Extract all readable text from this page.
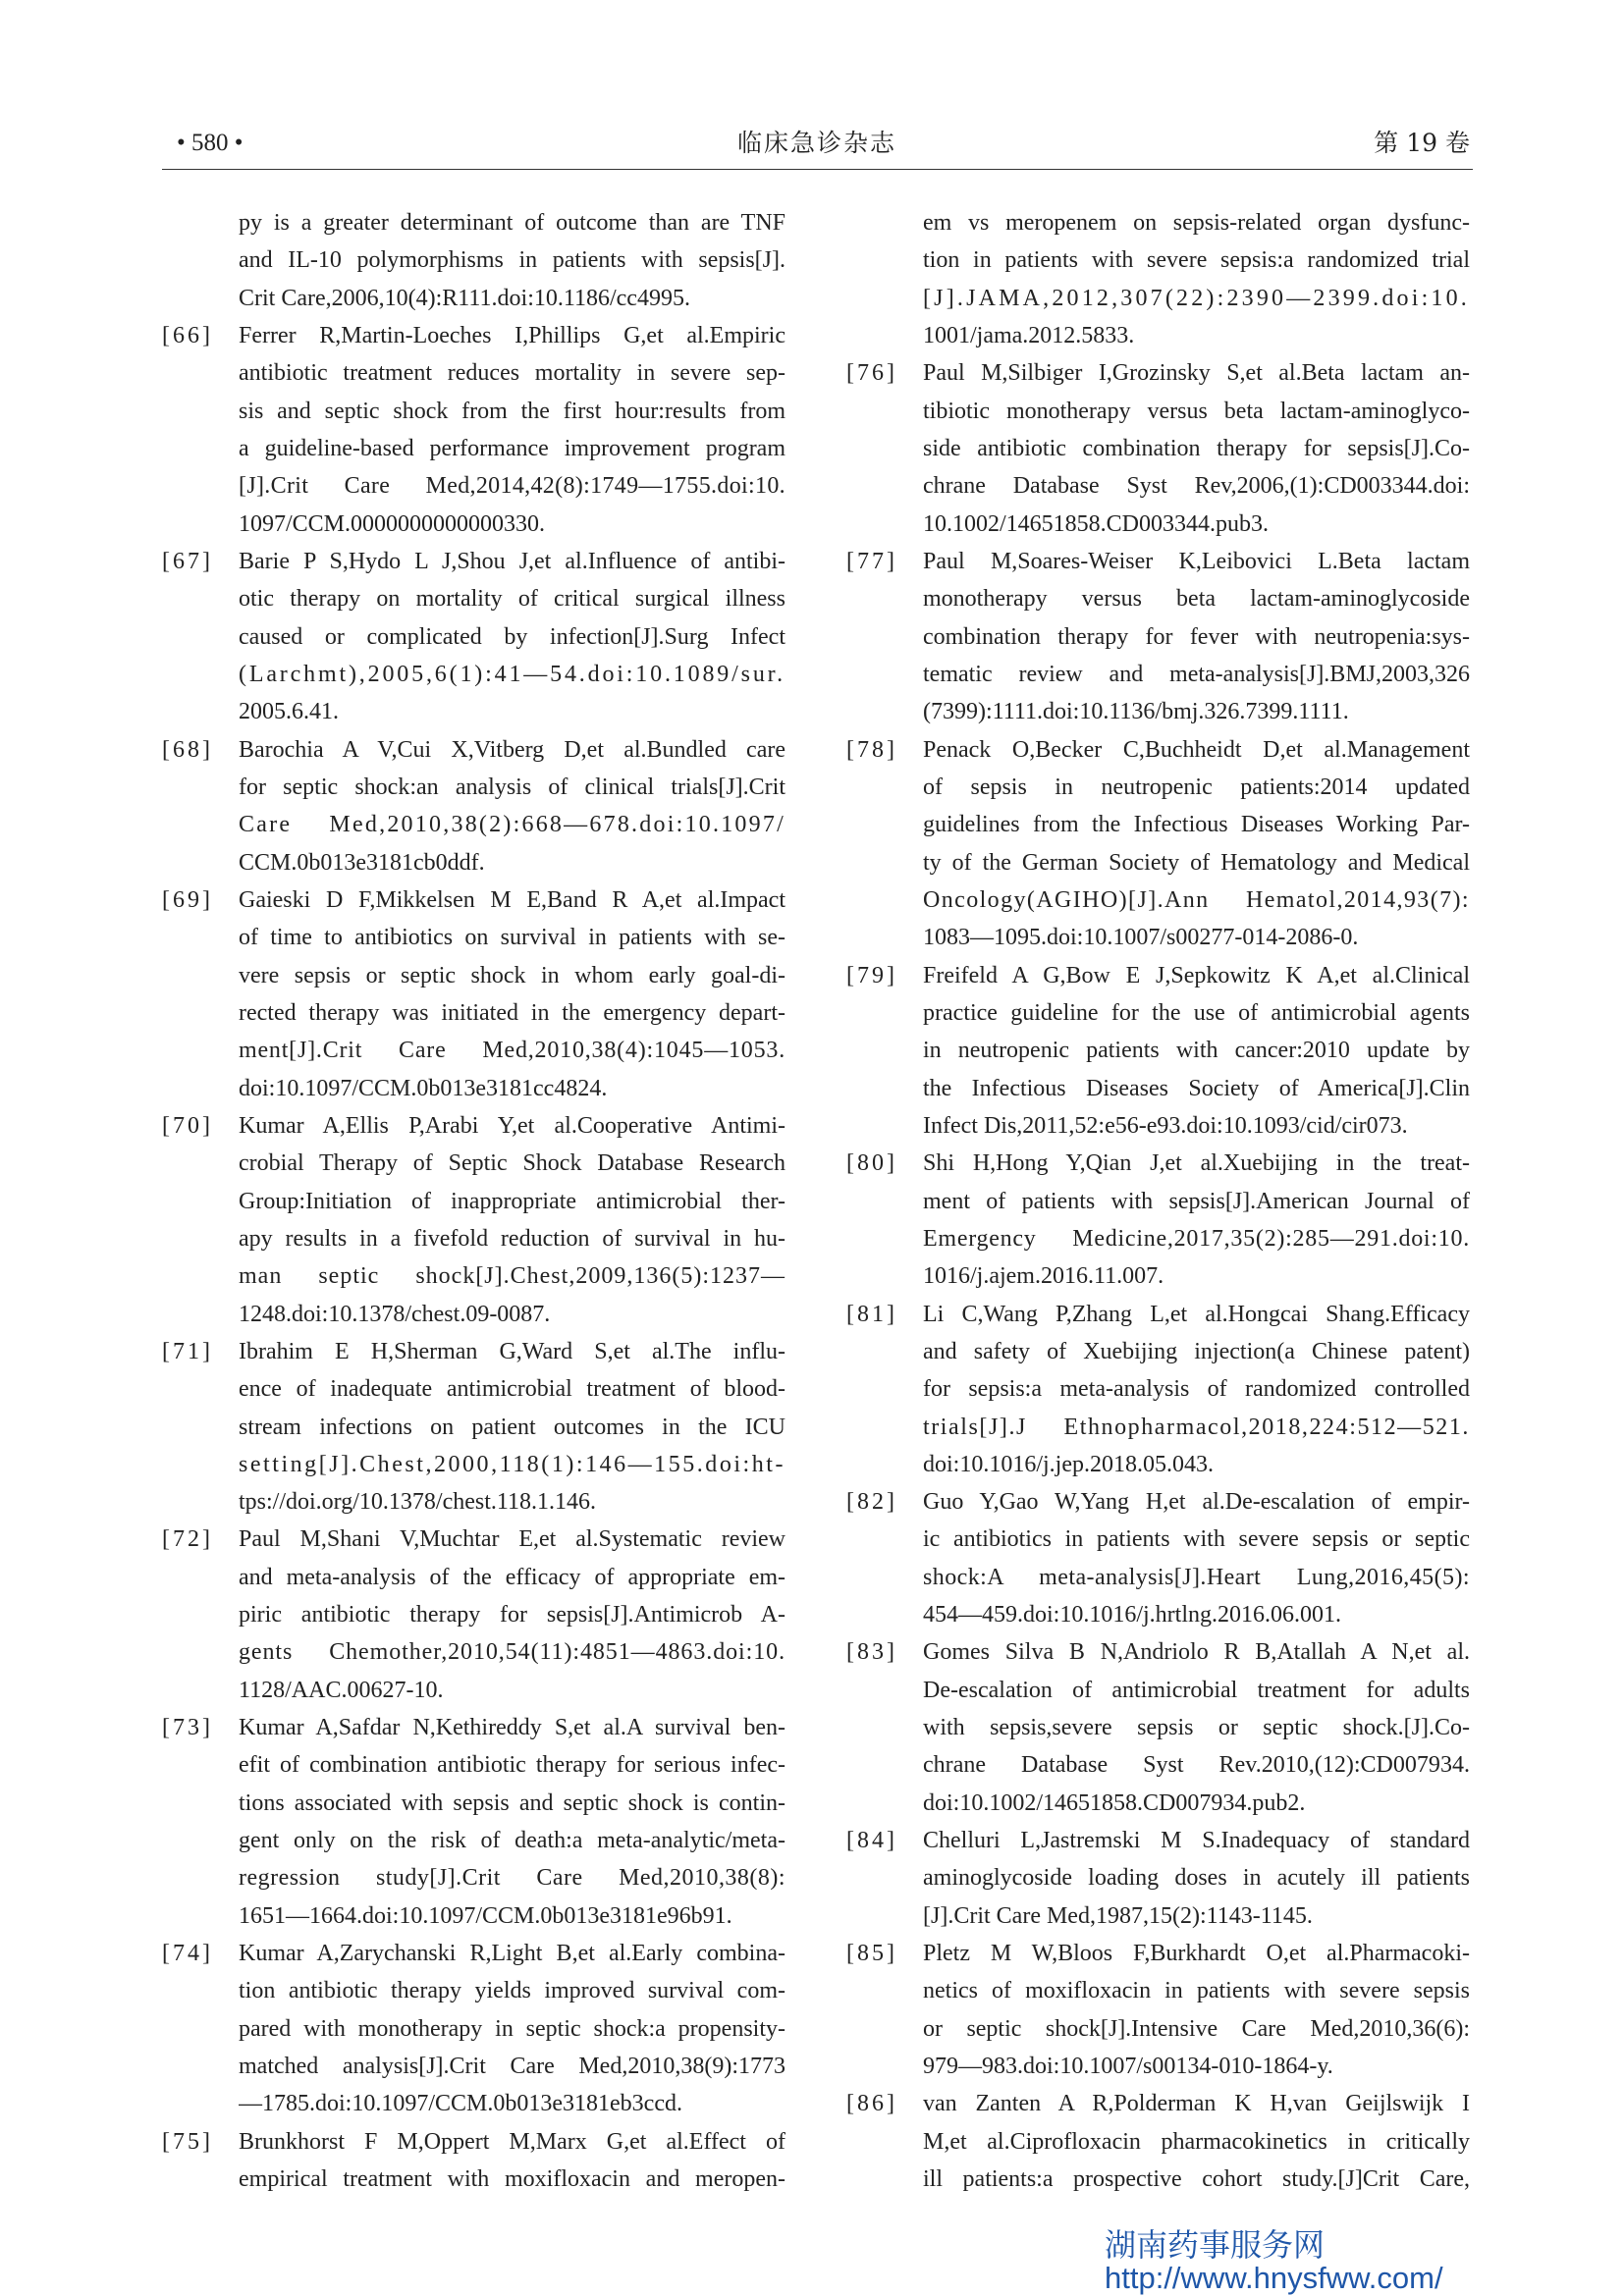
• 580 •	临床急诊杂志	第 19 卷
py is a greater determinant of outcome than are TNF
and IL-10 polymorphisms in patients with sepsis[J].
Crit Care,2006,10(4):R111.doi:10.1186/cc4995.
[66] Ferrer R,Martin-Loeches I,Phillips G,et al.Empiric
antibiotic treatment reduces mortality in severe sep-
sis and septic shock from the first hour:results from
a guideline-based performance improvement program
[J].Crit Care Med,2014,42(8):1749—1755.doi:10.
1097/CCM.0000000000000330.
[67] Barie P S,Hydo L J,Shou J,et al.Influence of antibi-
otic therapy on mortality of critical surgical illness
caused or complicated by infection[J].Surg Infect
(Larchmt),2005,6(1):41—54.doi:10.1089/sur.
2005.6.41.
[68] Barochia A V,Cui X,Vitberg D,et al.Bundled care
for septic shock:an analysis of clinical trials[J].Crit
Care Med,2010,38(2):668—678.doi:10.1097/
CCM.0b013e3181cb0ddf.
[69] Gaieski D F,Mikkelsen M E,Band R A,et al.Impact
of time to antibiotics on survival in patients with se-
vere sepsis or septic shock in whom early goal-di-
rected therapy was initiated in the emergency depart-
ment[J].Crit Care Med,2010,38(4):1045—1053.
doi:10.1097/CCM.0b013e3181cc4824.
[70] Kumar A,Ellis P,Arabi Y,et al.Cooperative Antimi-
crobial Therapy of Septic Shock Database Research
Group:Initiation of inappropriate antimicrobial ther-
apy results in a fivefold reduction of survival in hu-
man septic shock[J].Chest,2009,136(5):1237—
1248.doi:10.1378/chest.09-0087.
[71] Ibrahim E H,Sherman G,Ward S,et al.The influ-
ence of inadequate antimicrobial treatment of blood-
stream infections on patient outcomes in the ICU
setting[J].Chest,2000,118(1):146—155.doi:ht-
tps://doi.org/10.1378/chest.118.1.146.
[72] Paul M,Shani V,Muchtar E,et al.Systematic review
and meta-analysis of the efficacy of appropriate em-
piric antibiotic therapy for sepsis[J].Antimicrob A-
gents Chemother,2010,54(11):4851—4863.doi:10.
1128/AAC.00627-10.
[73] Kumar A,Safdar N,Kethireddy S,et al.A survival ben-
efit of combination antibiotic therapy for serious infec-
tions associated with sepsis and septic shock is contin-
gent only on the risk of death:a meta-analytic/meta-
regression study[J].Crit Care Med,2010,38(8):
1651—1664.doi:10.1097/CCM.0b013e3181e96b91.
[74] Kumar A,Zarychanski R,Light B,et al.Early combina-
tion antibiotic therapy yields improved survival com-
pared with monotherapy in septic shock:a propensity-
matched analysis[J].Crit Care Med,2010,38(9):1773
—1785.doi:10.1097/CCM.0b013e3181eb3ccd.
[75] Brunkhorst F M,Oppert M,Marx G,et al.Effect of
empirical treatment with moxifloxacin and meropen-
em vs meropenem on sepsis-related organ dysfunc-
tion in patients with severe sepsis:a randomized trial
[J].JAMA,2012,307(22):2390—2399.doi:10.
1001/jama.2012.5833.
[76] Paul M,Silbiger I,Grozinsky S,et al.Beta lactam an-
tibiotic monotherapy versus beta lactam-aminoglyco-
side antibiotic combination therapy for sepsis[J].Co-
chrane Database Syst Rev,2006,(1):CD003344.doi:
10.1002/14651858.CD003344.pub3.
[77] Paul M,Soares-Weiser K,Leibovici L.Beta lactam
monotherapy versus beta lactam-aminoglycoside
combination therapy for fever with neutropenia:sys-
tematic review and meta-analysis[J].BMJ,2003,326
(7399):1111.doi:10.1136/bmj.326.7399.1111.
[78] Penack O,Becker C,Buchheidt D,et al.Management
of sepsis in neutropenic patients:2014 updated
guidelines from the Infectious Diseases Working Par-
ty of the German Society of Hematology and Medical
Oncology(AGIHO)[J].Ann Hematol,2014,93(7):
1083—1095.doi:10.1007/s00277-014-2086-0.
[79] Freifeld A G,Bow E J,Sepkowitz K A,et al.Clinical
practice guideline for the use of antimicrobial agents
in neutropenic patients with cancer:2010 update by
the Infectious Diseases Society of America[J].Clin
Infect Dis,2011,52:e56-e93.doi:10.1093/cid/cir073.
[80] Shi H,Hong Y,Qian J,et al.Xuebijing in the treat-
ment of patients with sepsis[J].American Journal of
Emergency Medicine,2017,35(2):285—291.doi:10.
1016/j.ajem.2016.11.007.
[81] Li C,Wang P,Zhang L,et al.Hongcai Shang.Efficacy
and safety of Xuebijing injection(a Chinese patent)
for sepsis:a meta-analysis of randomized controlled
trials[J].J Ethnopharmacol,2018,224:512—521.
doi:10.1016/j.jep.2018.05.043.
[82] Guo Y,Gao W,Yang H,et al.De-escalation of empir-
ic antibiotics in patients with severe sepsis or septic
shock:A meta-analysis[J].Heart Lung,2016,45(5):
454—459.doi:10.1016/j.hrtlng.2016.06.001.
[83] Gomes Silva B N,Andriolo R B,Atallah A N,et al.
De-escalation of antimicrobial treatment for adults
with sepsis,severe sepsis or septic shock.[J].Co-
chrane Database Syst Rev.2010,(12):CD007934.
doi:10.1002/14651858.CD007934.pub2.
[84] Chelluri L,Jastremski M S.Inadequacy of standard
aminoglycoside loading doses in acutely ill patients
[J].Crit Care Med,1987,15(2):1143-1145.
[85] Pletz M W,Bloos F,Burkhardt O,et al.Pharmacoki-
netics of moxifloxacin in patients with severe sepsis
or septic shock[J].Intensive Care Med,2010,36(6):
979—983.doi:10.1007/s00134-010-1864-y.
[86] van Zanten A R,Polderman K H,van Geijlswijk I
M,et al.Ciprofloxacin pharmacokinetics in critically
ill patients:a prospective cohort study.[J]Crit Care,
湖南药事服务网
http://www.hnysfww.com/
